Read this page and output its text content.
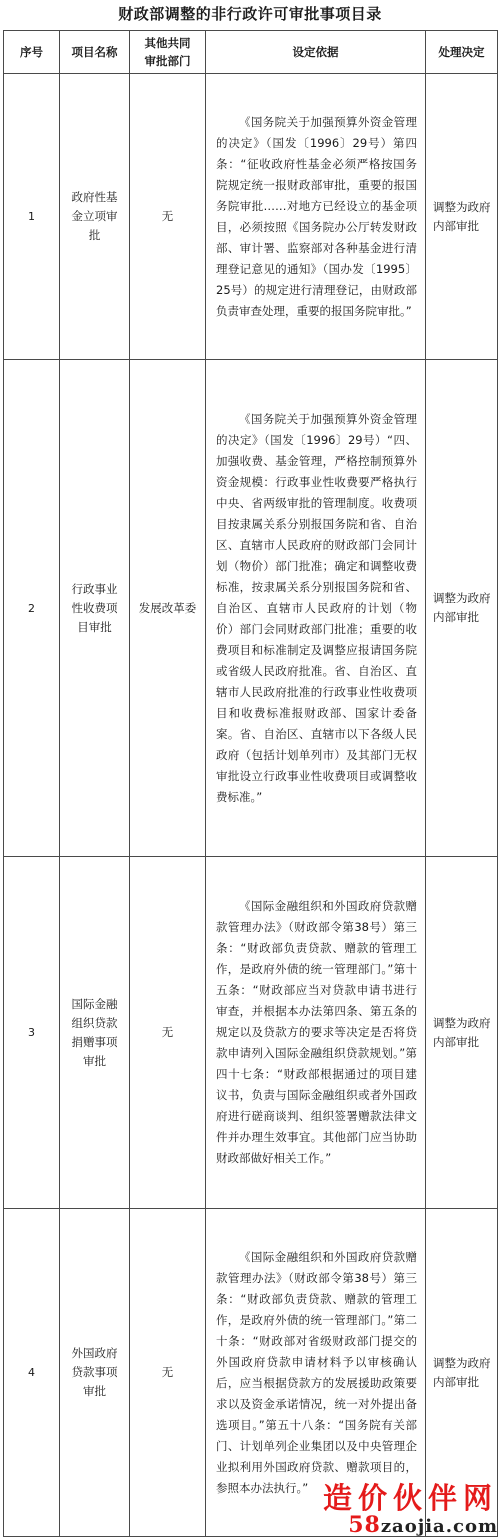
财政部调整的非行政许可审批事项目录
序号	项目名称	其他共同审批部门	设定依据	处理决定
1	政府性基金立项审批	无	《国务院关于加强预算外资金管理的决定》（国发〔1996〕29号）第四条：“征收政府性基金必须严格按国务院规定统一报财政部审批，重要的报国务院审批……对地方已经设立的基金项目，必须按照《国务院办公厅转发财政部、审计署、监察部对各种基金进行清理登记意见的通知》（国办发〔1995〕25号）的规定进行清理登记，由财政部负责审查处理，重要的报国务院审批。”	调整为政府内部审批
2	行政事业性收费项目审批	发展改革委	《国务院关于加强预算外资金管理的决定》（国发〔1996〕29号）“四、加强收费、基金管理，严格控制预算外资金规模：行政事业性收费要严格执行中央、省两级审批的管理制度。收费项目按隶属关系分别报国务院和省、自治区、直辖市人民政府的财政部门会同计划（物价）部门批准；确定和调整收费标准，按隶属关系分别报国务院和省、自治区、直辖市人民政府的计划（物价）部门会同财政部门批准；重要的收费项目和标准制定及调整应报请国务院或省级人民政府批准。省、自治区、直辖市人民政府批准的行政事业性收费项目和收费标准报财政部、国家计委备案。省、自治区、直辖市以下各级人民政府（包括计划单列市）及其部门无权审批设立行政事业性收费项目或调整收费标准。”	调整为政府内部审批
3	国际金融组织贷款捐赠事项审批	无	《国际金融组织和外国政府贷款赠款管理办法》（财政部令第38号）第三条：“财政部负责贷款、赠款的管理工作，是政府外债的统一管理部门。”第十五条：“财政部应当对贷款申请书进行审查，并根据本办法第四条、第五条的规定以及贷款方的要求等决定是否将贷款申请列入国际金融组织贷款规划。”第四十七条：“财政部根据通过的项目建议书，负责与国际金融组织或者外国政府进行磋商谈判、组织签署赠款法律文件并办理生效事宜。其他部门应当协助财政部做好相关工作。”	调整为政府内部审批
4	外国政府贷款事项审批	无	《国际金融组织和外国政府贷款赠款管理办法》（财政部令第38号）第三条：“财政部负责贷款、赠款的管理工作，是政府外债的统一管理部门。”第二十条：“财政部对省级财政部门提交的外国政府贷款申请材料予以审核确认后，应当根据贷款方的发展援助政策要求以及资金承诺情况，统一对外提出备选项目。”第五十八条：“国务院有关部门、计划单列企业集团以及中央管理企业拟利用外国政府贷款、赠款项目的，参照本办法执行。”	调整为政府内部审批
造价伙伴网
58zaojia.com
